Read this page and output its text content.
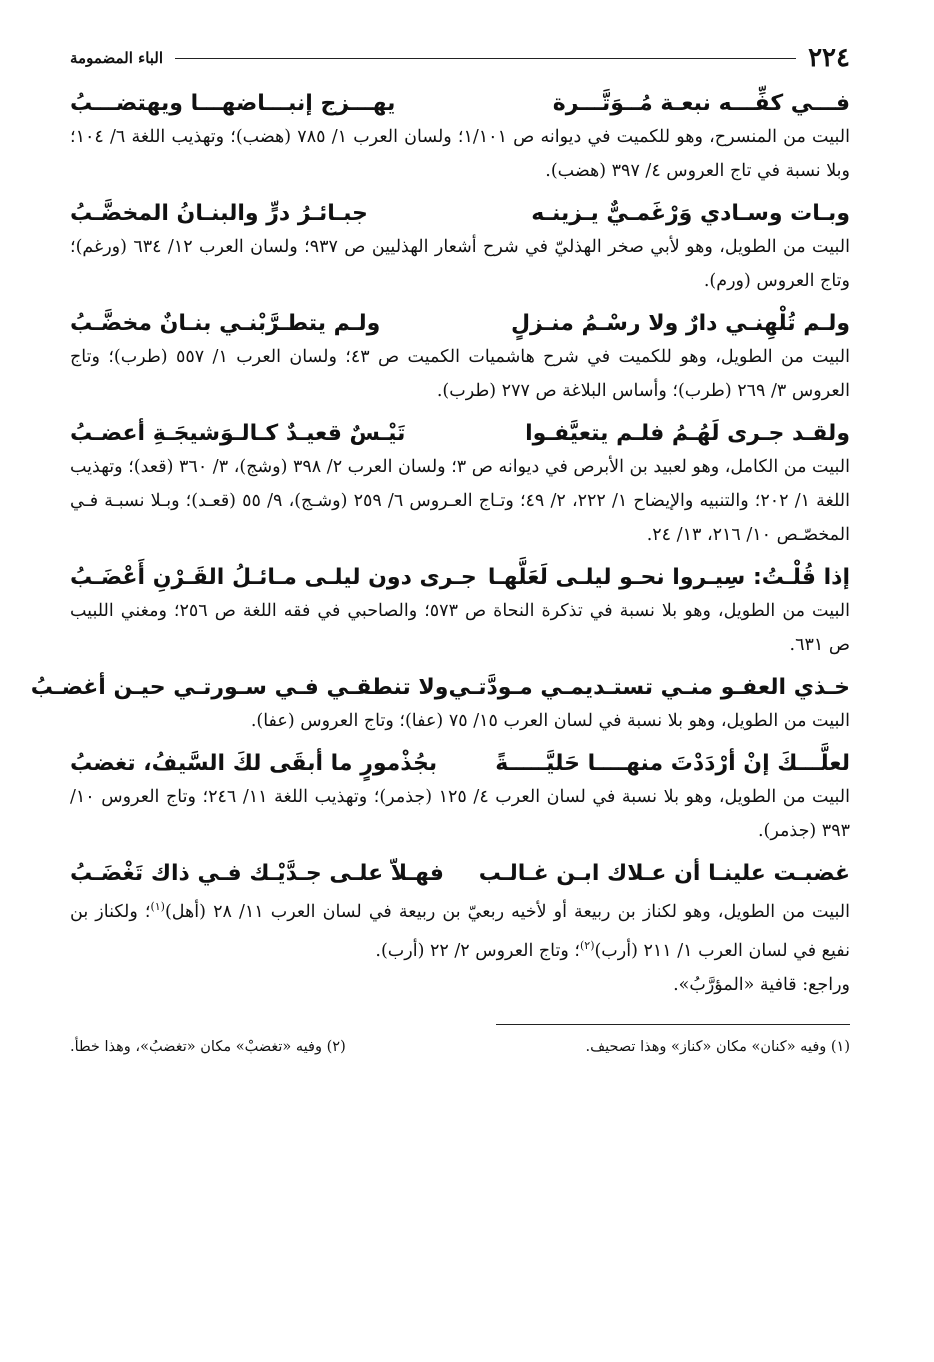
٢٢٤
الباء المضمومة
فـــي كفِّـــه نبعـة مُــوَتَّـــرة
يهـــزج إنبـــاضهـــا ويهتضـــبُ

البيت من المنسرح، وهو للكميت في ديوانه ص ١/١٠١؛ ولسان العرب ١/ ٧٨٥ (هضب)؛ وتهذيب اللغة ٦/ ١٠٤؛ وبلا نسبة في تاج العروس ٤/ ٣٩٧ (هضب).

وبـات وسـادي وَرْغَمـيٌّ يـزينـه
جبـائـرُ درٍّ والبنـانُ المخضَّـبُ

البيت من الطويل، وهو لأبي صخر الهذليّ في شرح أشعار الهذليين ص ٩٣٧؛ ولسان العرب ١٢/ ٦٣٤ (ورغم)؛ وتاج العروس (ورم).

ولـم تُلْهِنـي دارٌ ولا رسْـمُ منـزلٍ
ولـم يتطـرَّبْنـي بنـانٌ مخضَّـبُ

البيت من الطويل، وهو للكميت في شرح هاشميات الكميت ص ٤٣؛ ولسان العرب ١/ ٥٥٧ (طرب)؛ وتاج العروس ٣/ ٢٦٩ (طرب)؛ وأساس البلاغة ص ٢٧٧ (طرب).

ولقـد جـرى لَهُـمُ فلـم يتعيَّفـوا
تَيْـسٌ قعيـدٌ كـالـوَشيجَـةِ أعضـبُ

البيت من الكامل، وهو لعبيد بن الأبرص في ديوانه ص ٣؛ ولسان العرب ٢/ ٣٩٨ (وشج)، ٣/ ٣٦٠ (قعد)؛ وتهذيب اللغة ١/ ٢٠٢؛ والتنبيه والإيضاح ١/ ٢٢٢، ٢/ ٤٩؛ وتـاج العـروس ٦/ ٢٥٩ (وشـج)، ٩/ ٥٥ (قعـد)؛ وبـلا نسبـة فـي المخصّـص ١٠/ ٢١٦، ١٣/ ٢٤.

إذا قُلْـتُ: سِيـروا نحـو ليلـى لَعَلَّهـا
جـرى دون ليلـى مـائـلُ القَـرْنِ أَعْضَـبُ

البيت من الطويل، وهو بلا نسبة في تذكرة النحاة ص ٥٧٣؛ والصاحبي في فقه اللغة ص ٢٥٦؛ ومغني اللبيب ص ٦٣١.

خـذي العفـو منـي تستـديمـي مـودَّتـي
ولا تنطقـي فـي سـورتـي حيـن أغضـبُ

البيت من الطويل، وهو بلا نسبة في لسان العرب ١٥/ ٧٥ (عفا)؛ وتاج العروس (عفا).

لعلَّـــكَ إنْ أرْدَدْتَ منهــــا حَليَّـــــةً
بجُذْمورٍ ما أبقَى لكَ السَّيفُ، تغضبُ

البيت من الطويل، وهو بلا نسبة في لسان العرب ٤/ ١٢٥ (جذمر)؛ وتهذيب اللغة ١١/ ٢٤٦؛ وتاج العروس ١٠/ ٣٩٣ (جذمر).

غضبـت علينـا أن عـلاك ابـن غـالـب
فهـلاّ علـى جـدَّيْـك فـي ذاك تَغْضَـبُ

البيت من الطويل، وهو لكناز بن ربيعة أو لأخيه ربعيّ بن ربيعة في لسان العرب ١١/ ٢٨ (أهل)$^{(١)}$؛ ولكناز بن نفيع في لسان العرب ١/ ٢١١ (أرب)$^{(٢)}$؛ وتاج العروس ٢/ ٢٢ (أرب).
وراجع: قافية «المؤرَّبُ».

(١) وفيه «كنان» مكان «كناز» وهذا تصحيف.
(٢) وفيه «تغضبْ» مكان «تغضبُ»، وهذا خطأ.
